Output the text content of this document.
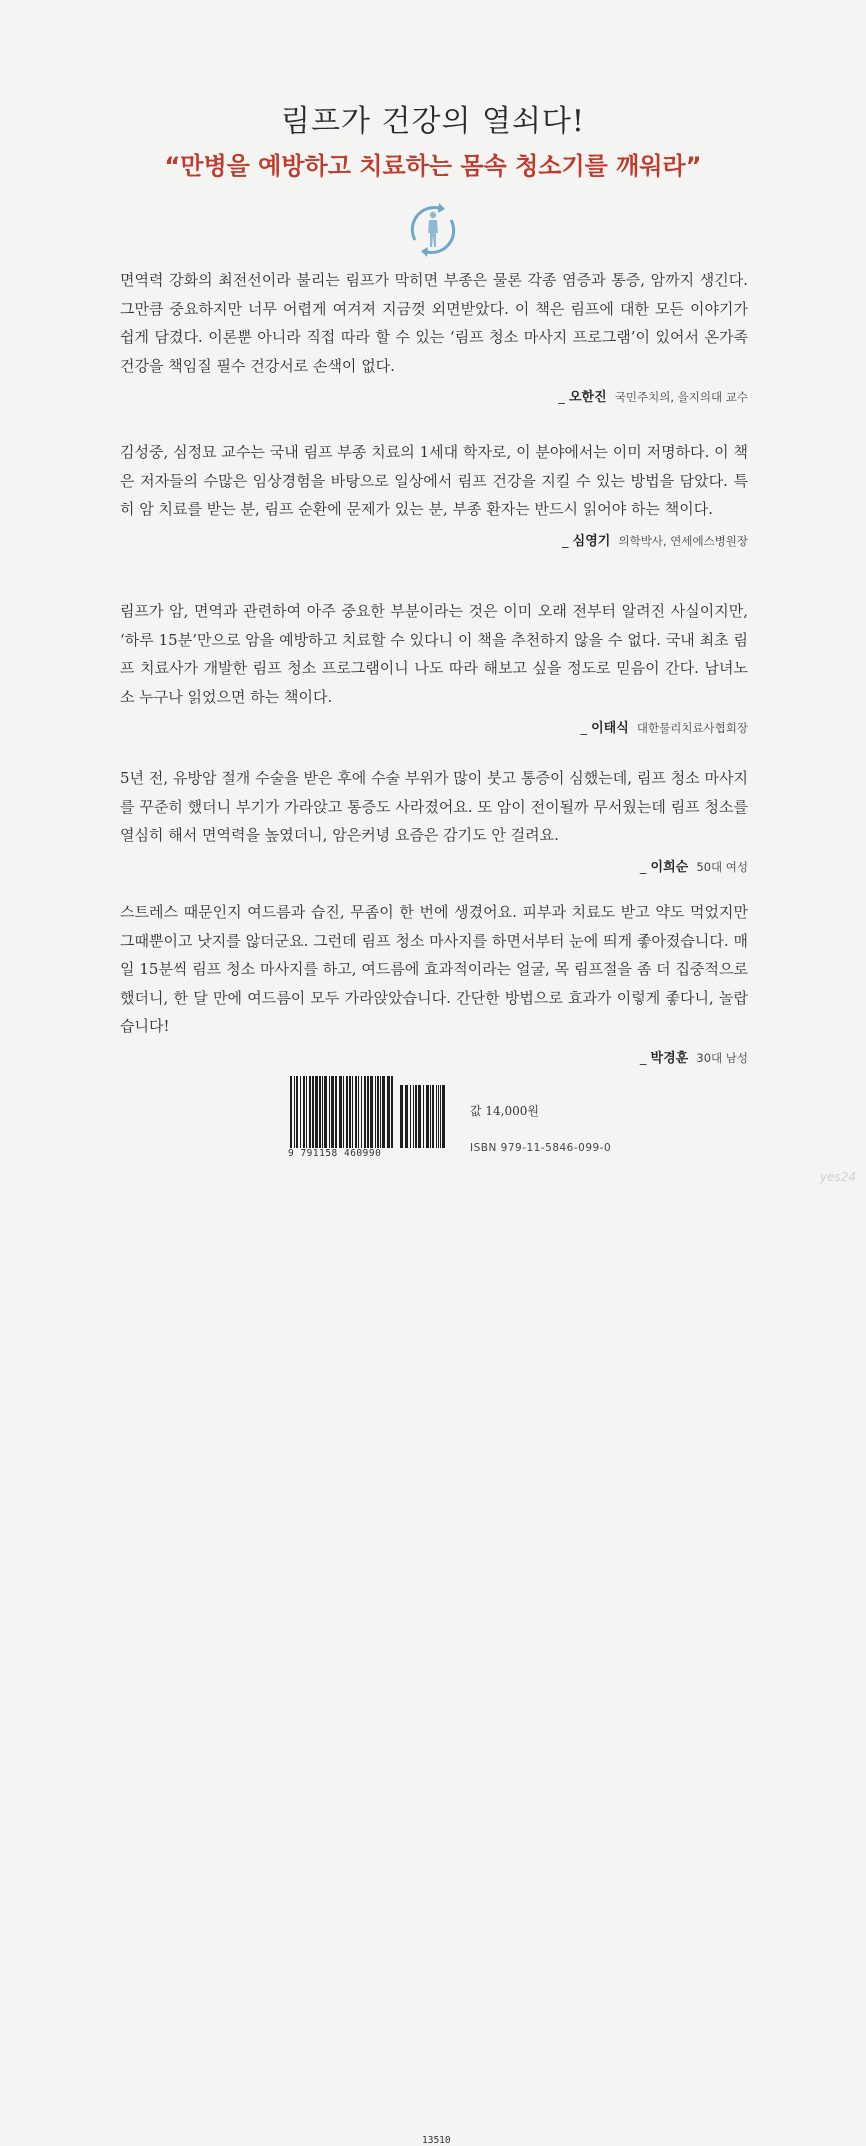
림프가 건강의 열쇠다!
“만병을 예방하고 치료하는 몸속 청소기를 깨워라”

면역력 강화의 최전선이라 불리는 림프가 막히면 부종은 물론 각종 염증과 통증, 암까지 생긴다. 그만큼 중요하지만 너무 어렵게 여겨져 지금껏 외면받았다. 이 책은 림프에 대한 모든 이야기가 쉽게 담겼다. 이론뿐 아니라 직접 따라 할 수 있는 ‘림프 청소 마사지 프로그램’이 있어서 온가족 건강을 책임질 필수 건강서로 손색이 없다.

_ 오한진 국민주치의, 을지의대 교수

김성중, 심정묘 교수는 국내 림프 부종 치료의 1세대 학자로, 이 분야에서는 이미 저명하다. 이 책은 저자들의 수많은 임상경험을 바탕으로 일상에서 림프 건강을 지킬 수 있는 방법을 담았다. 특히 암 치료를 받는 분, 림프 순환에 문제가 있는 분, 부종 환자는 반드시 읽어야 하는 책이다.

_ 심영기 의학박사, 연세에스병원장

림프가 암, 면역과 관련하여 아주 중요한 부분이라는 것은 이미 오래 전부터 알려진 사실이지만, ‘하루 15분’만으로 암을 예방하고 치료할 수 있다니 이 책을 추천하지 않을 수 없다. 국내 최초 림프 치료사가 개발한 림프 청소 프로그램이니 나도 따라 해보고 싶을 정도로 믿음이 간다. 남녀노소 누구나 읽었으면 하는 책이다.

_ 이태식 대한물리치료사협회장

5년 전, 유방암 절개 수술을 받은 후에 수술 부위가 많이 붓고 통증이 심했는데, 림프 청소 마사지를 꾸준히 했더니 부기가 가라앉고 통증도 사라졌어요. 또 암이 전이될까 무서웠는데 림프 청소를 열심히 해서 면역력을 높였더니, 암은커녕 요즘은 감기도 안 걸려요.

_ 이희순 50대 여성

스트레스 때문인지 여드름과 습진, 무좀이 한 번에 생겼어요. 피부과 치료도 받고 약도 먹었지만 그때뿐이고 낫지를 않더군요. 그런데 림프 청소 마사지를 하면서부터 눈에 띄게 좋아졌습니다. 매일 15분씩 림프 청소 마사지를 하고, 여드름에 효과적이라는 얼굴, 목 림프절을 좀 더 집중적으로 했더니, 한 달 만에 여드름이 모두 가라앉았습니다. 간단한 방법으로 효과가 이렇게 좋다니, 놀랍습니다!

_ 박경훈 30대 남성
13510
9 791158 460990
값 14,000원
ISBN 979-11-5846-099-0
yes24
